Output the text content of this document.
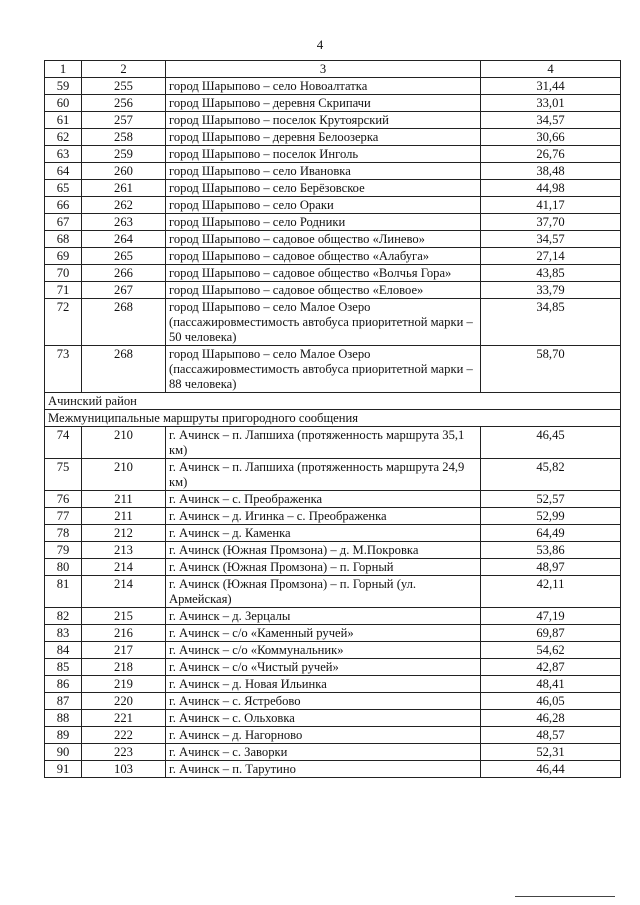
4
1	2	3	4
59	255	город Шарыпово – село Новоалтатка	31,44
60	256	город Шарыпово – деревня Скрипачи	33,01
61	257	город Шарыпово – поселок Крутоярский	34,57
62	258	город Шарыпово – деревня Белоозерка	30,66
63	259	город Шарыпово – поселок Инголь	26,76
64	260	город Шарыпово – село Ивановка	38,48
65	261	город Шарыпово – село Берёзовское	44,98
66	262	город Шарыпово – село Ораки	41,17
67	263	город Шарыпово – село Родники	37,70
68	264	город Шарыпово – садовое общество «Линево»	34,57
69	265	город Шарыпово – садовое общество «Алабуга»	27,14
70	266	город Шарыпово – садовое общество «Волчья Гора»	43,85
71	267	город Шарыпово – садовое общество «Еловое»	33,79
72	268	город Шарыпово – село Малое Озеро (пассажировместимость автобуса приоритетной марки – 50 человека)	34,85
73	268	город Шарыпово – село Малое Озеро (пассажировместимость автобуса приоритетной марки – 88 человека)	58,70
Ачинский район			
Межмуниципальные маршруты пригородного сообщения			
74	210	г. Ачинск – п. Лапшиха (протяженность маршрута 35,1 км)	46,45
75	210	г. Ачинск – п. Лапшиха (протяженность маршрута 24,9 км)	45,82
76	211	г. Ачинск – с. Преображенка	52,57
77	211	г. Ачинск – д. Игинка – с. Преображенка	52,99
78	212	г. Ачинск – д. Каменка	64,49
79	213	г. Ачинск (Южная Промзона) – д. М.Покровка	53,86
80	214	г. Ачинск (Южная Промзона) – п. Горный	48,97
81	214	г. Ачинск (Южная Промзона) – п. Горный (ул. Армейская)	42,11
82	215	г. Ачинск – д. Зерцалы	47,19
83	216	г. Ачинск – с/о «Каменный ручей»	69,87
84	217	г. Ачинск – с/о «Коммунальник»	54,62
85	218	г. Ачинск – с/о «Чистый ручей»	42,87
86	219	г. Ачинск – д. Новая Ильинка	48,41
87	220	г. Ачинск – с. Ястребово	46,05
88	221	г. Ачинск – с. Ольховка	46,28
89	222	г. Ачинск – д. Нагорново	48,57
90	223	г. Ачинск – с. Заворки	52,31
91	103	г. Ачинск – п. Тарутино	46,44
